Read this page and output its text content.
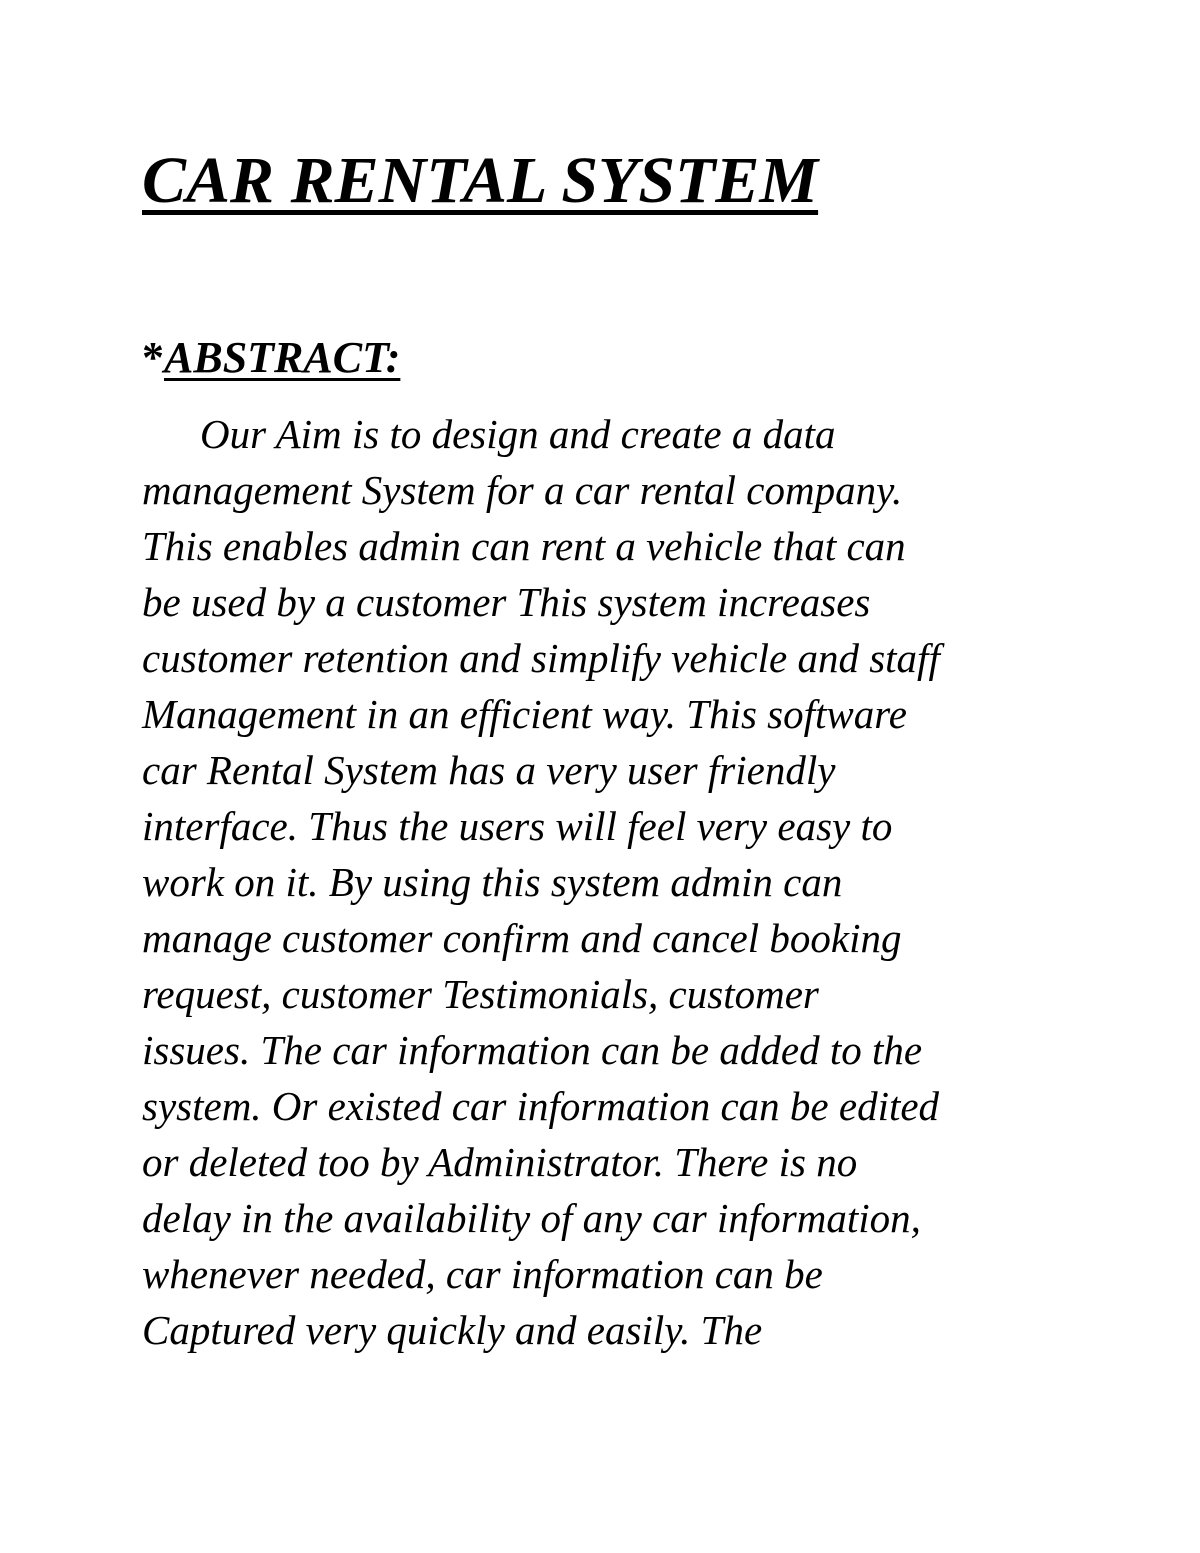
CAR RENTAL SYSTEM
*ABSTRACT:
Our Aim is to design and create a data
management System for a car rental company.
This enables admin can rent a vehicle that can
be used by a customer This system increases
customer retention and simplify vehicle and staff
Management in an efficient way. This software
car Rental System has a very user friendly
interface. Thus the users will feel very easy to
work on it. By using this system admin can
manage customer confirm and cancel booking
request, customer Testimonials, customer
issues. The car information can be added to the
system. Or existed car information can be edited
or deleted too by Administrator. There is no
delay in the availability of any car information,
whenever needed, car information can be
Captured very quickly and easily. The
